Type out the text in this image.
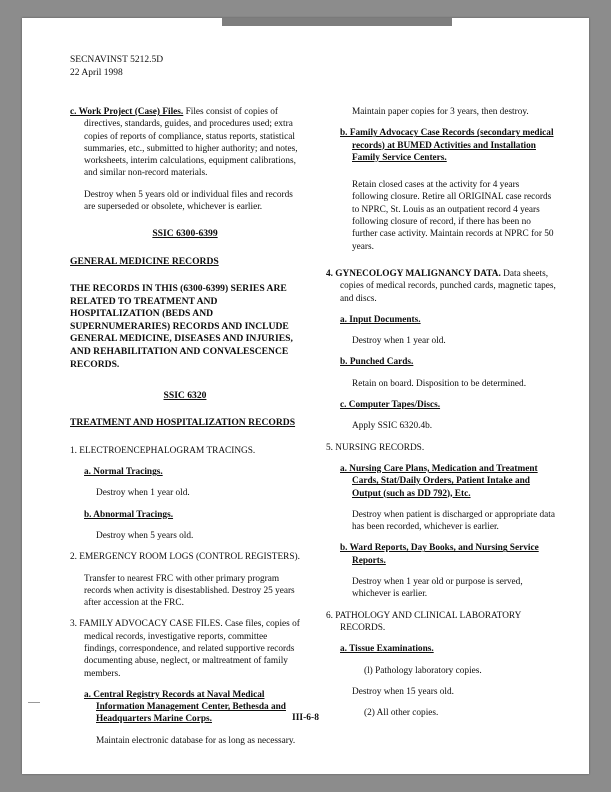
SECNAVINST 5212.5D
22 April 1998

c. Work Project (Case) Files. Files consist of copies of directives, standards, guides, and procedures used; extra copies of reports of compliance, status reports, statistical summaries, etc., submitted to higher authority; and notes, worksheets, interim calculations, equipment calibrations, and similar non-record materials.

Destroy when 5 years old or individual files and records are superseded or obsolete, whichever is earlier.

SSIC 6300-6399

GENERAL MEDICINE RECORDS

THE RECORDS IN THIS (6300-6399) SERIES ARE RELATED TO TREATMENT AND HOSPITALIZATION (BEDS AND SUPERNUMERARIES) RECORDS AND INCLUDE GENERAL MEDICINE, DISEASES AND INJURIES, AND REHABILITATION AND CONVALESCENCE RECORDS.

SSIC 6320

TREATMENT AND HOSPITALIZATION RECORDS

1. ELECTROENCEPHALOGRAM TRACINGS.

a. Normal Tracings.

Destroy when 1 year old.

b. Abnormal Tracings.

Destroy when 5 years old.

2. EMERGENCY ROOM LOGS (CONTROL REGISTERS).

Transfer to nearest FRC with other primary program records when activity is disestablished. Destroy 25 years after accession at the FRC.

3. FAMILY ADVOCACY CASE FILES. Case files, copies of medical records, investigative reports, committee findings, correspondence, and related supportive records documenting abuse, neglect, or maltreatment of family members.

a. Central Registry Records at Naval Medical Information Management Center, Bethesda and Headquarters Marine Corps.

Maintain electronic database for as long as necessary.

Maintain paper copies for 3 years, then destroy.

b. Family Advocacy Case Records (secondary medical records) at BUMED Activities and Installation Family Service Centers.

Retain closed cases at the activity for 4 years following closure. Retire all ORIGINAL case records to NPRC, St. Louis as an outpatient record 4 years following closure of record, if there has been no further case activity. Maintain records at NPRC for 50 years.

4. GYNECOLOGY MALIGNANCY DATA. Data sheets, copies of medical records, punched cards, magnetic tapes, and discs.

a. Input Documents.

Destroy when 1 year old.

b. Punched Cards.

Retain on board. Disposition to be determined.

c. Computer Tapes/Discs.

Apply SSIC 6320.4b.

5. NURSING RECORDS.

a. Nursing Care Plans, Medication and Treatment Cards, Stat/Daily Orders, Patient Intake and Output (such as DD 792), Etc.

Destroy when patient is discharged or appropriate data has been recorded, whichever is earlier.

b. Ward Reports, Day Books, and Nursing Service Reports.

Destroy when 1 year old or purpose is served, whichever is earlier.

6. PATHOLOGY AND CLINICAL LABORATORY RECORDS.

a. Tissue Examinations.

(l) Pathology laboratory copies.

Destroy when 15 years old.

(2) All other copies.

III-6-8
